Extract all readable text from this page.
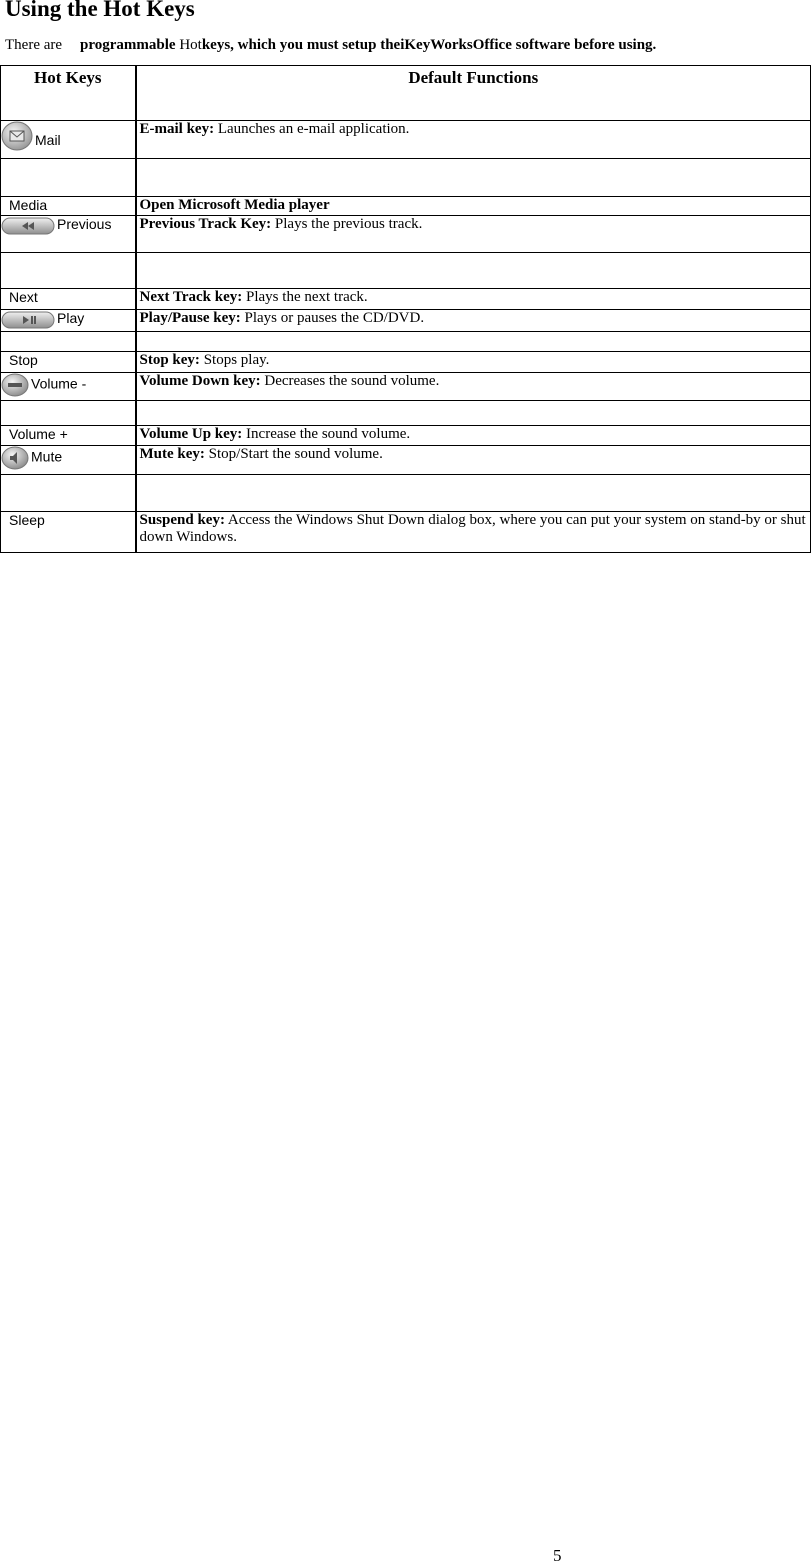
Using the Hot Keys
There are programmable Hotkeys, which you must setup theiKeyWorksOffice software before using.
Hot Keys	Default Functions

Mail	E-mail key: Launches an e-mail application.

Media	Open Microsoft Media player

Previous	Previous Track Key: Plays the previous track.

Next	Next Track key: Plays the next track.

Play	Play/Pause key: Plays or pauses the CD/DVD.

Stop	Stop key: Stops play.

Volume -	Volume Down key: Decreases the sound volume.

Volume +	Volume Up key: Increase the sound volume.

Mute	Mute key: Stop/Start the sound volume.

Sleep	Suspend key: Access the Windows Shut Down dialog box, where you can put your system on stand-by or shut down Windows.
5
